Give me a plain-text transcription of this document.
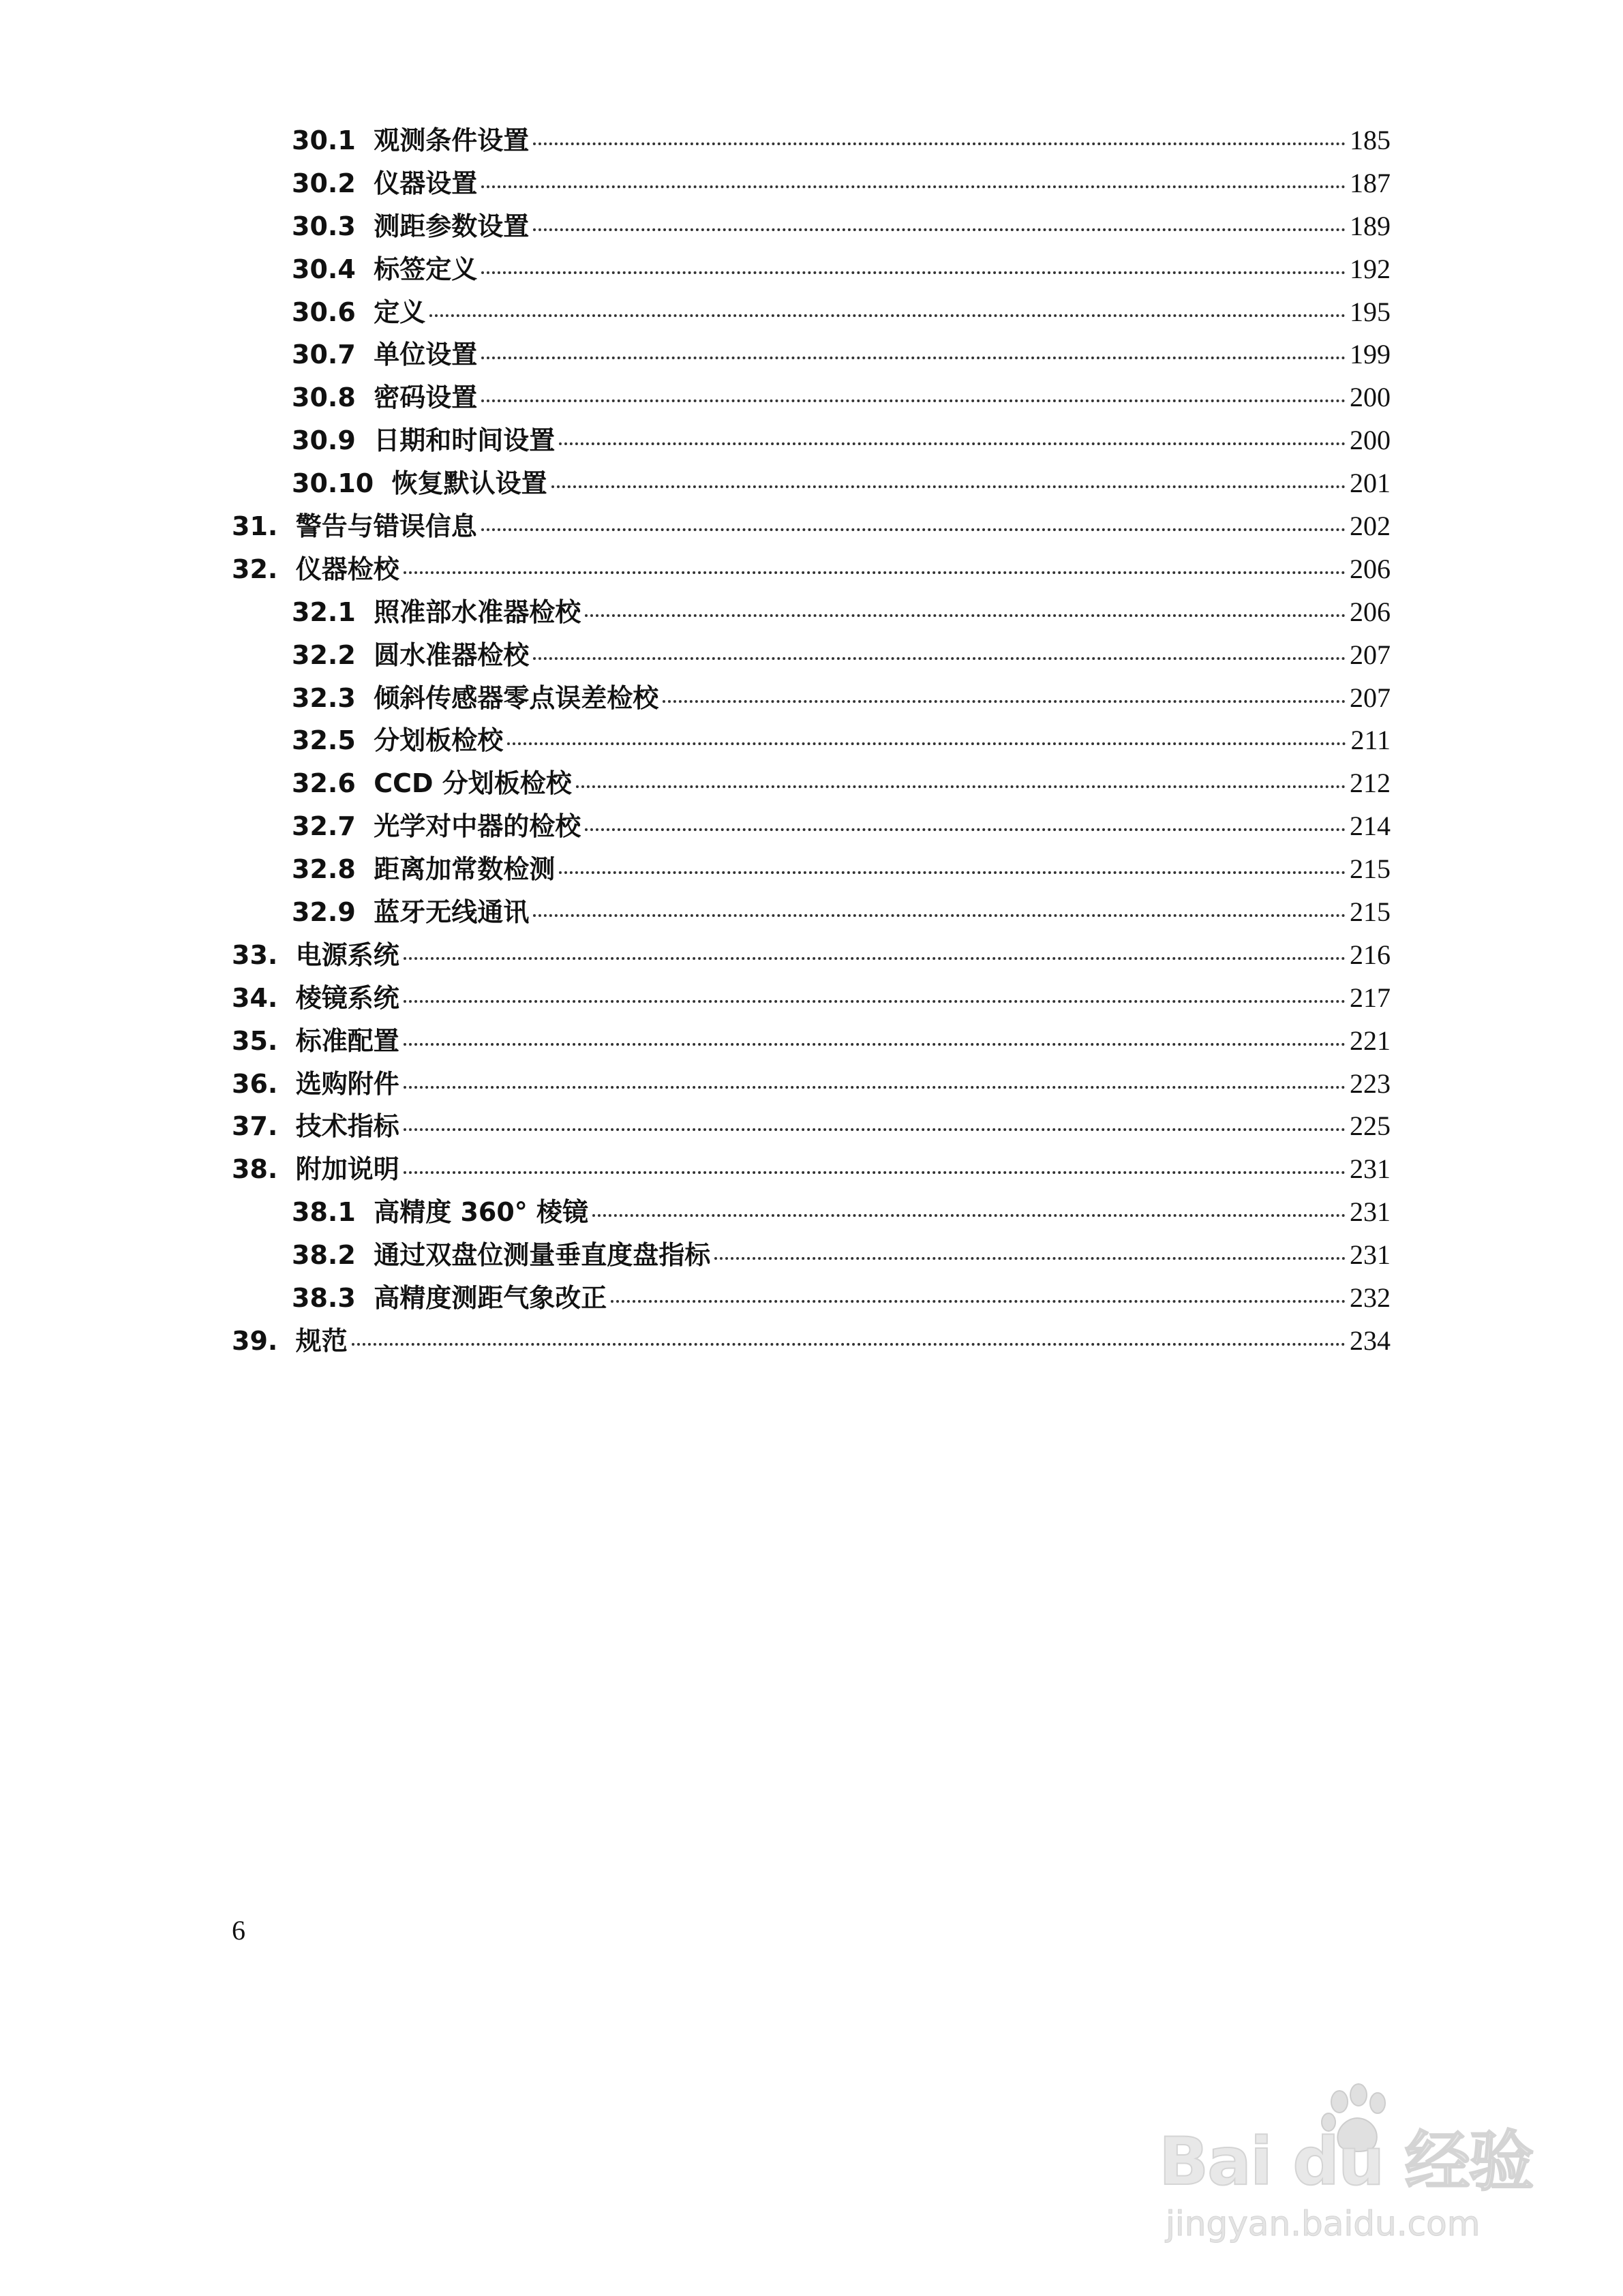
30.1 观测条件设置	185
30.2 仪器设置	187
30.3 测距参数设置	189
30.4 标签定义	192
30.6 定义	195
30.7 单位设置	199
30.8 密码设置	200
30.9 日期和时间设置	200
30.10 恢复默认设置	201
31. 警告与错误信息	202
32. 仪器检校	206
32.1 照准部水准器检校	206
32.2 圆水准器检校	207
32.3 倾斜传感器零点误差检校	207
32.5 分划板检校	211
32.6 CCD 分划板检校	212
32.7 光学对中器的检校	214
32.8 距离加常数检测	215
32.9 蓝牙无线通讯	215
33. 电源系统	216
34. 棱镜系统	217
35. 标准配置	221
36. 选购附件	223
37. 技术指标	225
38. 附加说明	231
38.1 高精度 360° 棱镜	231
38.2 通过双盘位测量垂直度盘指标	231
38.3 高精度测距气象改正	232
39. 规范	234
6
Bai du 经验
jingyan.baidu.com
